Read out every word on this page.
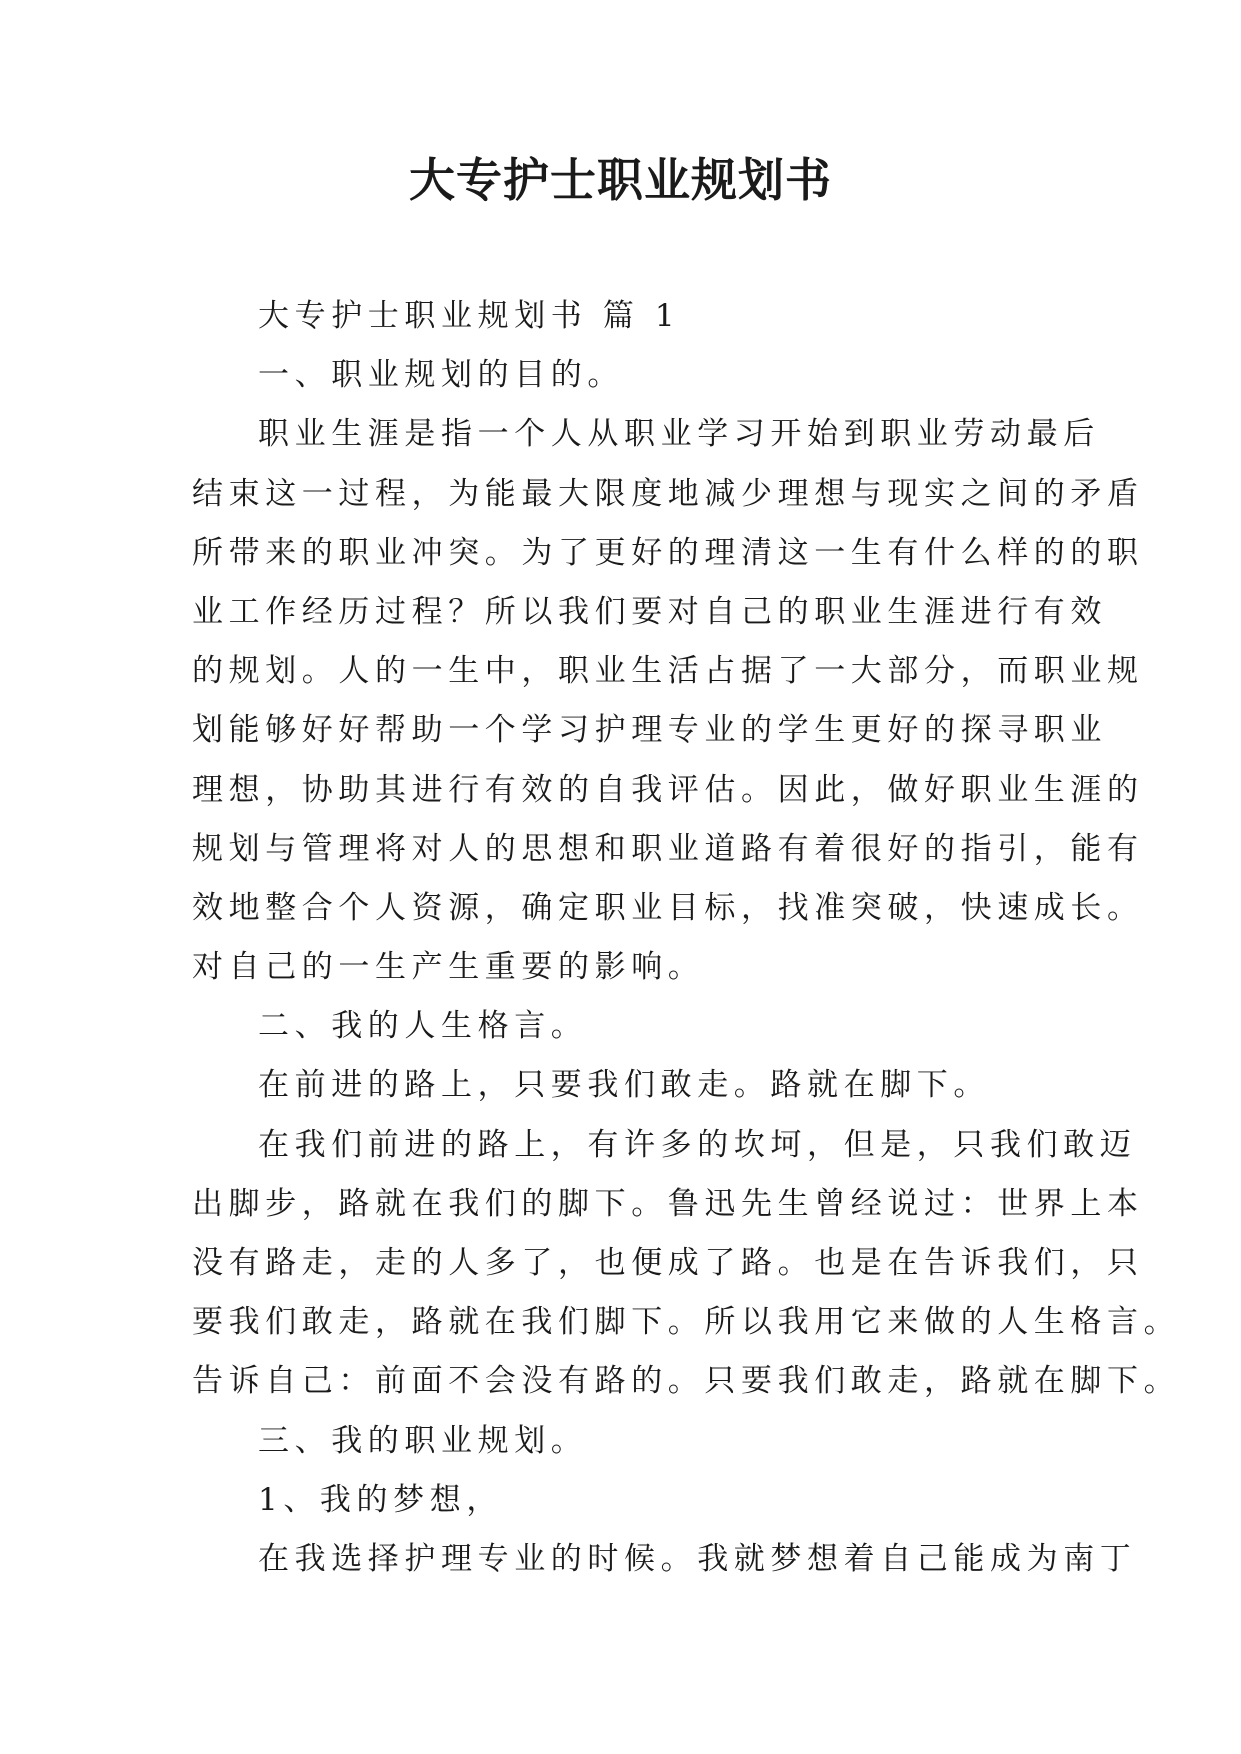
大专护士职业规划书

大专护士职业规划书 篇 1

一、职业规划的目的。

职业生涯是指一个人从职业学习开始到职业劳动最后

结束这一过程，为能最大限度地减少理想与现实之间的矛盾

所带来的职业冲突。为了更好的理清这一生有什么样的的职

业工作经历过程？所以我们要对自己的职业生涯进行有效

的规划。人的一生中，职业生活占据了一大部分，而职业规

划能够好好帮助一个学习护理专业的学生更好的探寻职业

理想，协助其进行有效的自我评估。因此，做好职业生涯的

规划与管理将对人的思想和职业道路有着很好的指引，能有

效地整合个人资源，确定职业目标，找准突破，快速成长。

对自己的一生产生重要的影响。

二、我的人生格言。

在前进的路上，只要我们敢走。路就在脚下。

在我们前进的路上，有许多的坎坷，但是，只我们敢迈

出脚步，路就在我们的脚下。鲁迅先生曾经说过：世界上本

没有路走，走的人多了，也便成了路。也是在告诉我们，只

要我们敢走，路就在我们脚下。所以我用它来做的人生格言。

告诉自己：前面不会没有路的。只要我们敢走，路就在脚下。

三、我的职业规划。

1、我的梦想，

在我选择护理专业的时候。我就梦想着自己能成为南丁
